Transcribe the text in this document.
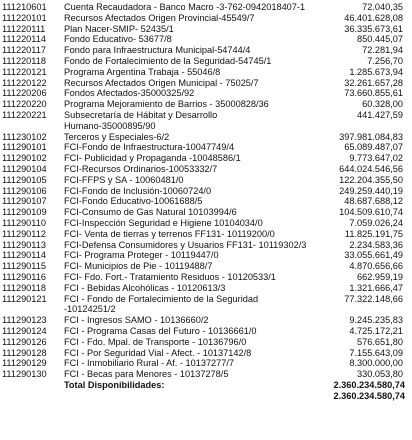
111210601	Cuenta Recaudadora - Banco Macro -3-762-0942018407-1	72.040,35
111220101	Recursos Afectados Origen Provincial-45549/7	46.401.628,08
111220111	Plan Nacer-SMIP- 52435/1	36.335.673,61
111220114	Fondo Educativo- 53677/8	850.445,07
111220117	Fondo para Infraestructura Municipal-54744/4	72.281,94
111220118	Fondo de Fortalecimiento de la Seguridad-54745/1	7.256,70
111220121	Programa Argentina Trabaja - 55046/8	1.285.673,94
111220122	Recursos Afectados Origen Municipal - 75025/7	32.261.657,28
111220206	Fondos Afectados-35000325/92	73.660.855,61
111220220	Programa Mejoramiento de Barrios - 35000828/36	60.328,00
111220221	Subsecretaría de Hábitat y Desarrollo	441.427,59
Humano-35000895/90
111230102	Terceros y Especiales-6/2	397.981.084,83
111290101	FCI-Fondo de Infraestructura-10047749/4	65.089.487,07
111290102	FCI- Publicidad y Propaganda -10048586/1	9.773.647,02
111290104	FCI-Recursos Ordinarios-10053332/7	644.024.546,56
111290105	FCI-FFPS y SA - 10060481/0	122.204.355,50
111290106	FCI-Fondo de Inclusión-10060724/0	249.259.440,19
111290107	FCI-Fondo Educativo-10061688/5	48.687.688,12
111290109	FCI-Consumo de Gas Natural 10103994/6	104.509.610,74
111290110	FCI-Inspección Seguridad e Higiene 10104034/0	7.059.026,24
111290112	FCI- Venta de tierras y terrenos FF131- 10119200/0	11.825.191,75
111290113	FCI-Defensa Consumidores y Usuarios FF131- 10119302/3	2.234.583,36
111290114	FCI- Programa Proteger - 10119447/0	33.055.661,49
111290115	FCI- Municipios de Pie - 10119488/7	4.870.656,66
111290116	FCI- Fdo. Fort.- Tratamiento Residuos - 10120533/1	662.959,19
111290118	FCI - Bebidas Alcohólicas - 10120613/3	1.321.666,47
111290121	FCI - Fondo de Fortalecimiento de la Seguridad	77.322.148,66
-10124251/2
111290123	FCI - Ingresos SAMO - 10136660/2	9.245.235,83
111290124	FCI - Programa Casas del Futuro - 10136661/0	4.725.172,21
111290126	FCI - Fdo. Mpal. de Transporte - 10136796/0	576.651,80
111290128	FCI - Por Seguridad Vial - Afect. - 10137142/8	7.155.643,09
111290129	FCI - Inmobiliario Rural - Af. - 10137277/7	8.300.000,00
111290130	FCI - Becas para Menores - 10137278/5	330.053,80
Total Disponibilidades:	2.360.234.580,74
2.360.234.580,74
